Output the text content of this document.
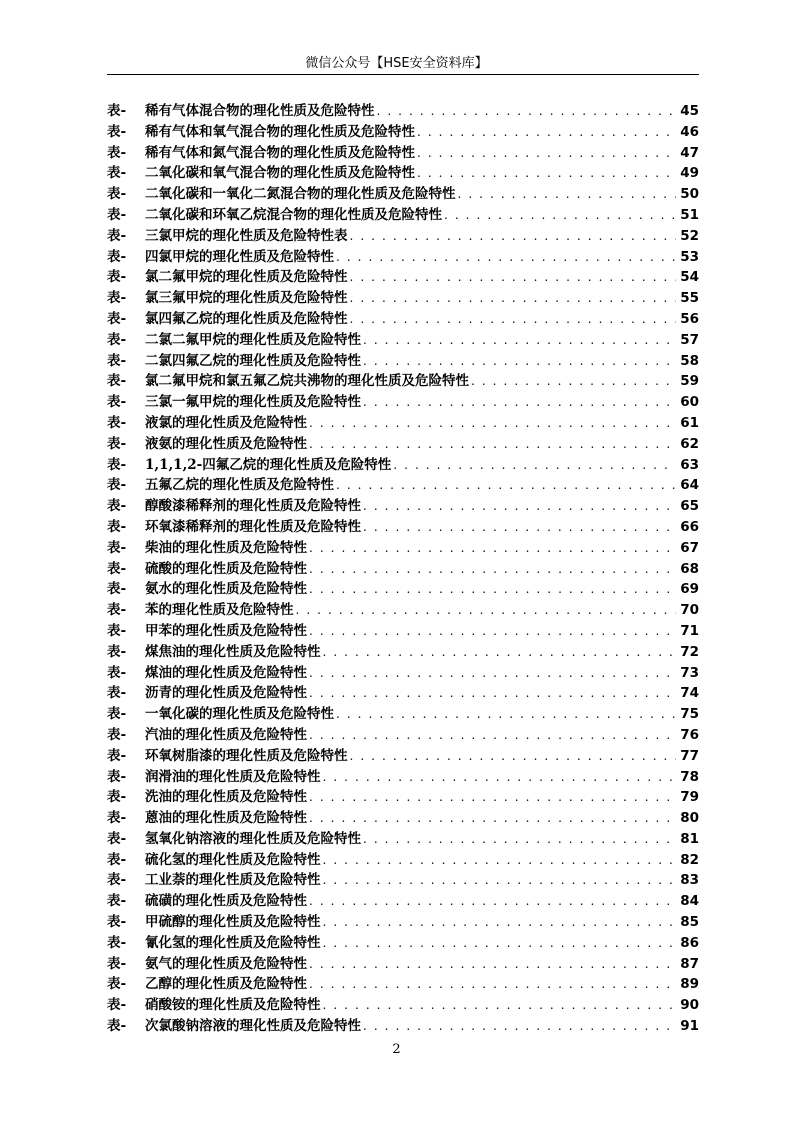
微信公众号【HSE安全资料库】
表-	稀有气体混合物的理化性质及危险特性 . . .	45
表-	稀有气体和氧气混合物的理化性质及危险特性 . . .	46
表-	稀有气体和氮气混合物的理化性质及危险特性 . . .	47
表-	二氧化碳和氧气混合物的理化性质及危险特性 . . .	49
表-	二氧化碳和一氧化二氮混合物的理化性质及危险特性 . . .	50
表-	二氧化碳和环氧乙烷混合物的理化性质及危险特性 . . .	51
表-	三氯甲烷的理化性质及危险特性表 . . .	52
表-	四氯甲烷的理化性质及危险特性 . . .	53
表-	氯二氟甲烷的理化性质及危险特性 . . .	54
表-	氯三氟甲烷的理化性质及危险特性 . . .	55
表-	氯四氟乙烷的理化性质及危险特性 . . .	56
表-	二氯二氟甲烷的理化性质及危险特性 . . .	57
表-	二氯四氟乙烷的理化性质及危险特性 . . .	58
表-	氯二氟甲烷和氯五氟乙烷共沸物的理化性质及危险特性 . . .	59
表-	三氯一氟甲烷的理化性质及危险特性 . . .	60
表-	液氯的理化性质及危险特性 . . .	61
表-	液氨的理化性质及危险特性 . . .	62
表-	1,1,1,2-四氟乙烷的理化性质及危险特性 . . .	63
表-	五氟乙烷的理化性质及危险特性 . . .	64
表-	醇酸漆稀释剂的理化性质及危险特性 . . .	65
表-	环氧漆稀释剂的理化性质及危险特性 . . .	66
表-	柴油的理化性质及危险特性 . . .	67
表-	硫酸的理化性质及危险特性 . . .	68
表-	氨水的理化性质及危险特性 . . .	69
表-	苯的理化性质及危险特性 . . .	70
表-	甲苯的理化性质及危险特性 . . .	71
表-	煤焦油的理化性质及危险特性 . . .	72
表-	煤油的理化性质及危险特性 . . .	73
表-	沥青的理化性质及危险特性 . . .	74
表-	一氧化碳的理化性质及危险特性 . . .	75
表-	汽油的理化性质及危险特性 . . .	76
表-	环氧树脂漆的理化性质及危险特性 . . .	77
表-	润滑油的理化性质及危险特性 . . .	78
表-	洗油的理化性质及危险特性 . . .	79
表-	蒽油的理化性质及危险特性 . . .	80
表-	氢氧化钠溶液的理化性质及危险特性 . . .	81
表-	硫化氢的理化性质及危险特性 . . .	82
表-	工业萘的理化性质及危险特性 . . .	83
表-	硫磺的理化性质及危险特性 . . .	84
表-	甲硫醇的理化性质及危险特性 . . .	85
表-	氰化氢的理化性质及危险特性 . . .	86
表-	氨气的理化性质及危险特性 . . .	87
表-	乙醇的理化性质及危险特性 . . .	89
表-	硝酸铵的理化性质及危险特性 . . .	90
表-	次氯酸钠溶液的理化性质及危险特性 . . .	91
2
